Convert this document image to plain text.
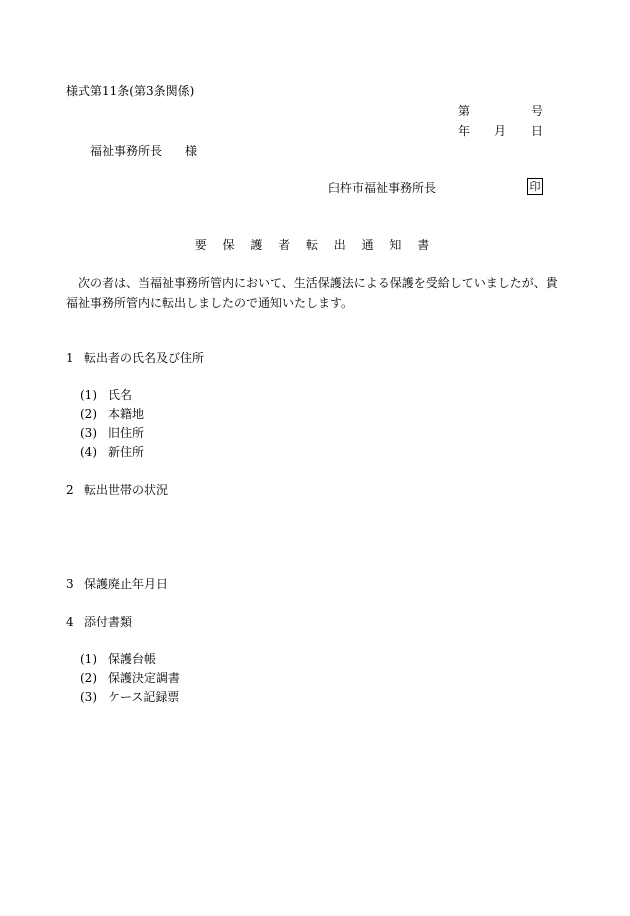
様式第11条(第3条関係)
第	号
年 月 日
福祉事務所長 様
臼杵市福祉事務所長	印
要 保 護 者 転 出 通 知 書
次の者は、当福祉事務所管内において、生活保護法による保護を受給していましたが、貴福祉事務所管内に転出しましたので通知いたします。
1 転出者の氏名及び住所
(1) 氏名
(2) 本籍地
(3) 旧住所
(4) 新住所
2 転出世帯の状況
3 保護廃止年月日
4 添付書類
(1) 保護台帳
(2) 保護決定調書
(3) ケース記録票
